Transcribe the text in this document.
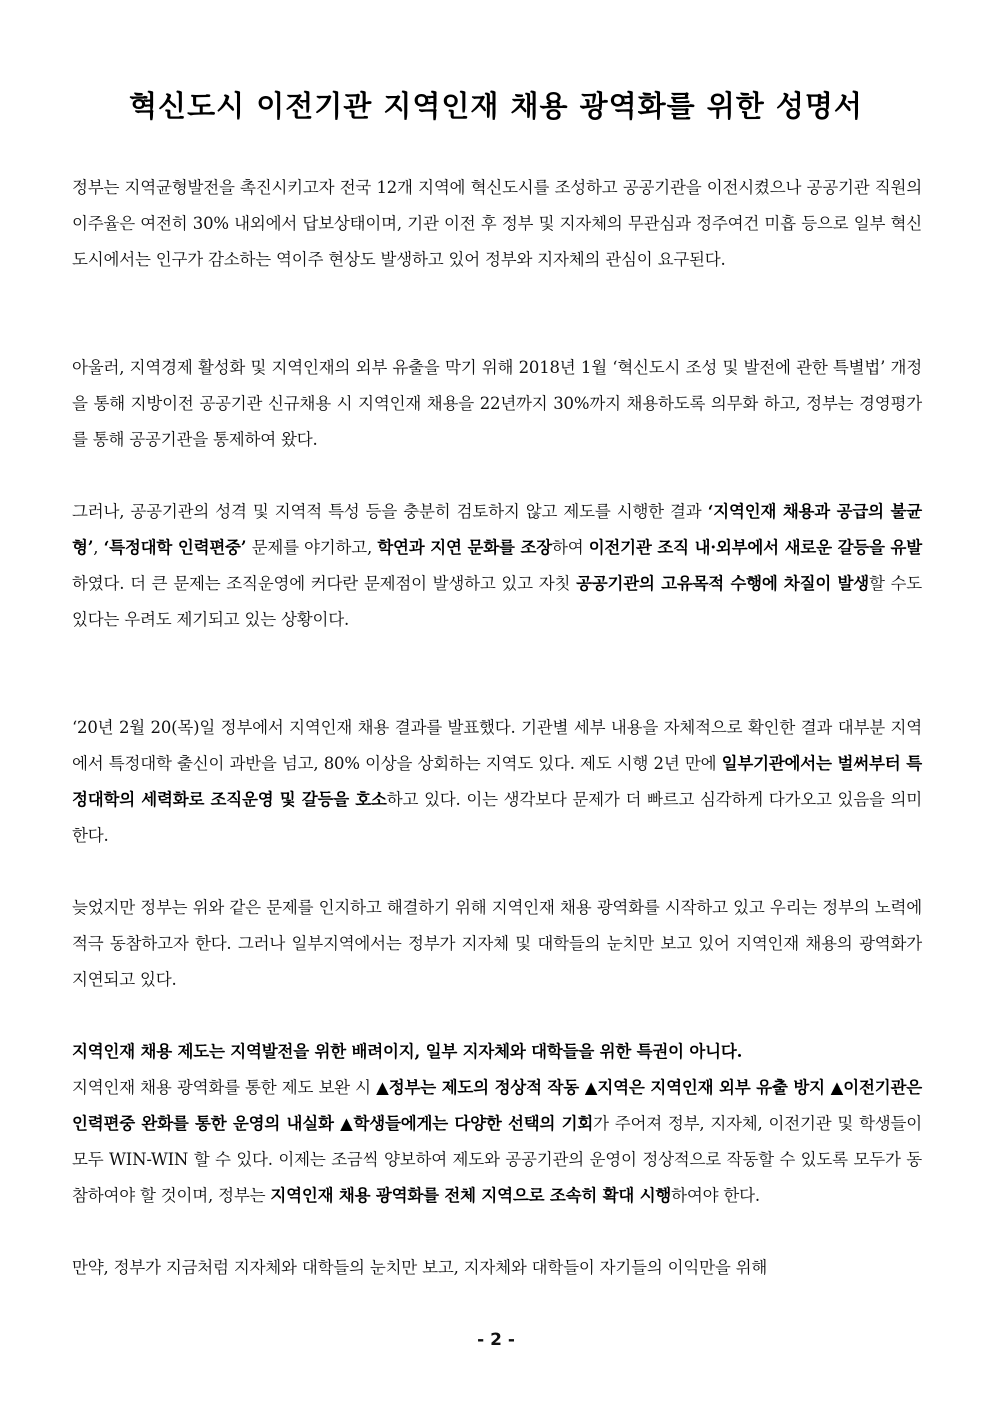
혁신도시 이전기관 지역인재 채용 광역화를 위한 성명서

정부는 지역균형발전을 촉진시키고자 전국 12개 지역에 혁신도시를 조성하고 공공기관을 이전시켰으나 공공기관 직원의 이주율은 여전히 30% 내외에서 답보상태이며, 기관 이전 후 정부 및 지자체의 무관심과 정주여건 미흡 등으로 일부 혁신도시에서는 인구가 감소하는 역이주 현상도 발생하고 있어 정부와 지자체의 관심이 요구된다.

아울러, 지역경제 활성화 및 지역인재의 외부 유출을 막기 위해 2018년 1월 ‘혁신도시 조성 및 발전에 관한 특별법’ 개정을 통해 지방이전 공공기관 신규채용 시 지역인재 채용을 22년까지 30%까지 채용하도록 의무화 하고, 정부는 경영평가를 통해 공공기관을 통제하여 왔다.

그러나, 공공기관의 성격 및 지역적 특성 등을 충분히 검토하지 않고 제도를 시행한 결과 ‘지역인재 채용과 공급의 불균형’, ‘특정대학 인력편중’ 문제를 야기하고, 학연과 지연 문화를 조장하여 이전기관 조직 내·외부에서 새로운 갈등을 유발하였다. 더 큰 문제는 조직운영에 커다란 문제점이 발생하고 있고 자칫 공공기관의 고유목적 수행에 차질이 발생할 수도 있다는 우려도 제기되고 있는 상황이다.

‘20년 2월 20(목)일 정부에서 지역인재 채용 결과를 발표했다. 기관별 세부 내용을 자체적으로 확인한 결과 대부분 지역에서 특정대학 출신이 과반을 넘고, 80% 이상을 상회하는 지역도 있다. 제도 시행 2년 만에 일부기관에서는 벌써부터 특정대학의 세력화로 조직운영 및 갈등을 호소하고 있다. 이는 생각보다 문제가 더 빠르고 심각하게 다가오고 있음을 의미한다.

늦었지만 정부는 위와 같은 문제를 인지하고 해결하기 위해 지역인재 채용 광역화를 시작하고 있고 우리는 정부의 노력에 적극 동참하고자 한다. 그러나 일부지역에서는 정부가 지자체 및 대학들의 눈치만 보고 있어 지역인재 채용의 광역화가 지연되고 있다.

지역인재 채용 제도는 지역발전을 위한 배려이지, 일부 지자체와 대학들을 위한 특권이 아니다.
지역인재 채용 광역화를 통한 제도 보완 시 ▲정부는 제도의 정상적 작동 ▲지역은 지역인재 외부 유출 방지 ▲이전기관은 인력편중 완화를 통한 운영의 내실화 ▲학생들에게는 다양한 선택의 기회가 주어져 정부, 지자체, 이전기관 및 학생들이 모두 WIN-WIN 할 수 있다. 이제는 조금씩 양보하여 제도와 공공기관의 운영이 정상적으로 작동할 수 있도록 모두가 동참하여야 할 것이며, 정부는 지역인재 채용 광역화를 전체 지역으로 조속히 확대 시행하여야 한다.

만약, 정부가 지금처럼 지자체와 대학들의 눈치만 보고, 지자체와 대학들이 자기들의 이익만을 위해

- 2 -
